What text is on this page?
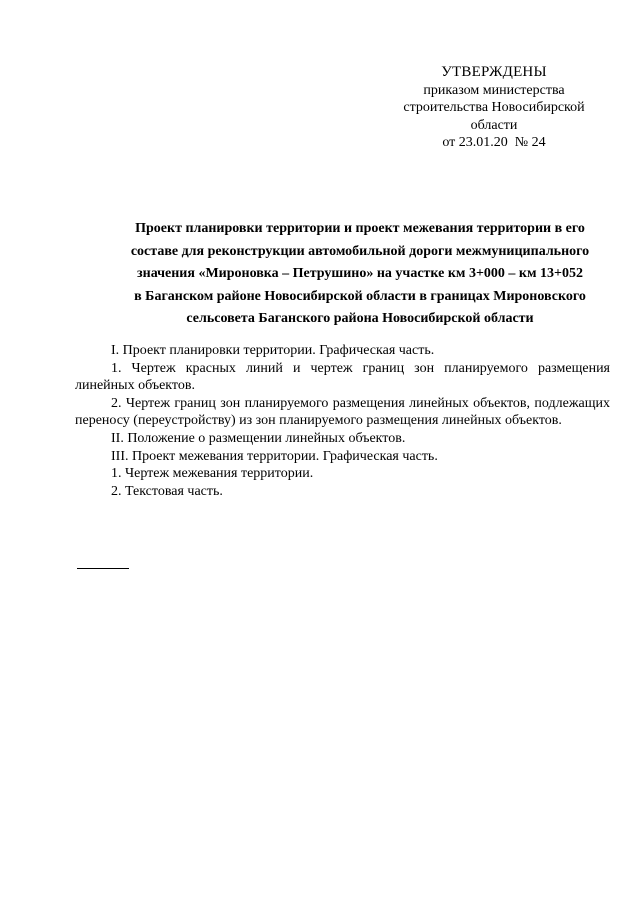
УТВЕРЖДЕНЫ
приказом министерства
строительства Новосибирской
области
от 23.01.20 № 24
Проект планировки территории и проект межевания территории в его
составе для реконструкции автомобильной дороги межмуниципального
значения «Мироновка – Петрушино» на участке км 3+000 – км 13+052
в Баганском районе Новосибирской области в границах Мироновского
сельсовета Баганского района Новосибирской области

I. Проект планировки территории. Графическая часть.

1. Чертеж красных линий и чертеж границ зон планируемого размещения линейных объектов.

2. Чертеж границ зон планируемого размещения линейных объектов, подлежащих переносу (переустройству) из зон планируемого размещения линейных объектов.

II. Положение о размещении линейных объектов.

III. Проект межевания территории. Графическая часть.

1. Чертеж межевания территории.

2. Текстовая часть.
